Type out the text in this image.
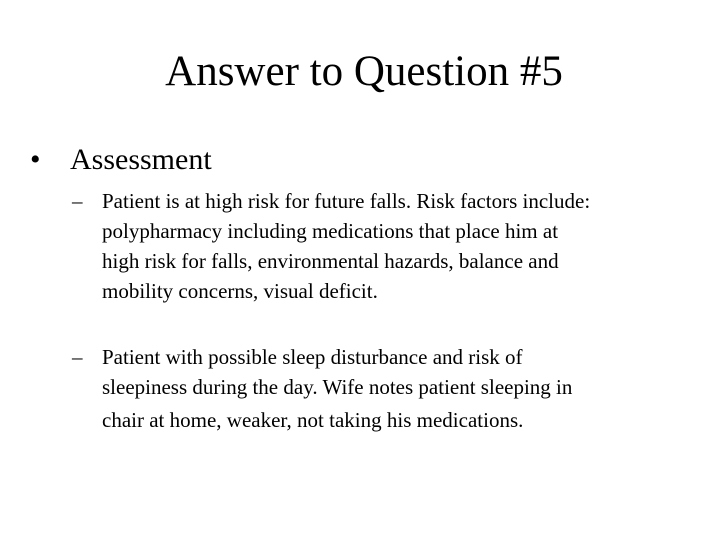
Answer to Question #5
• Assessment
– Patient is at high risk for future falls. Risk factors include:
polypharmacy including medications that place him at
high risk for falls, environmental hazards, balance and
mobility concerns, visual deficit.
– Patient with possible sleep disturbance and risk of
sleepiness during the day. Wife notes patient sleeping in
chair at home, weaker, not taking his medications.
